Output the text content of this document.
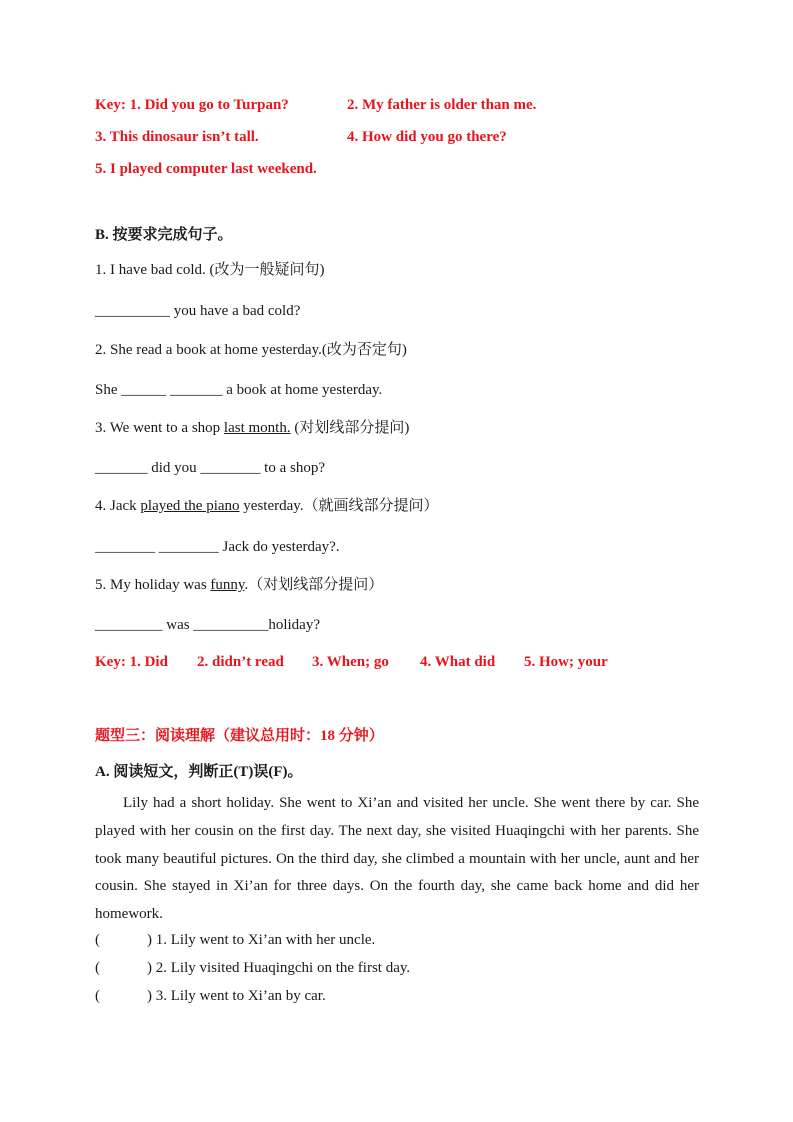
Key: 1. Did you go to Turpan?	2. My father is older than me.
3. This dinosaur isn’t tall.	4. How did you go there?
5. I played computer last weekend.
B. 按要求完成句子。
1. I have bad cold. (改为一般疑问句)
__________ you have a bad cold?
2. She read a book at home yesterday.(改为否定句)
She ______ _______ a book at home yesterday.
3. We went to a shop last month. (对划线部分提问)
_______ did you ________ to a shop?
4. Jack played the piano yesterday.（就画线部分提问）
________ ________ Jack do yesterday?.
5. My holiday was funny.（对划线部分提问）
_________ was __________holiday?
Key: 1. Did 2. didn’t read 3. When; go 4. What did 5. How; your
题型三：阅读理解（建议总用时：18 分钟）
A. 阅读短文，判断正(T)误(F)。
Lily had a short holiday. She went to Xi’an and visited her uncle. She went there by car. She played with her cousin on the first day. The next day, she visited Huaqingchi with her parents. She took many beautiful pictures. On the third day, she climbed a mountain with her uncle, aunt and her cousin. She stayed in Xi’an for three days. On the fourth day, she came back home and did her homework.
(	) 1. Lily went to Xi’an with her uncle.
(	) 2. Lily visited Huaqingchi on the first day.
(	) 3. Lily went to Xi’an by car.
